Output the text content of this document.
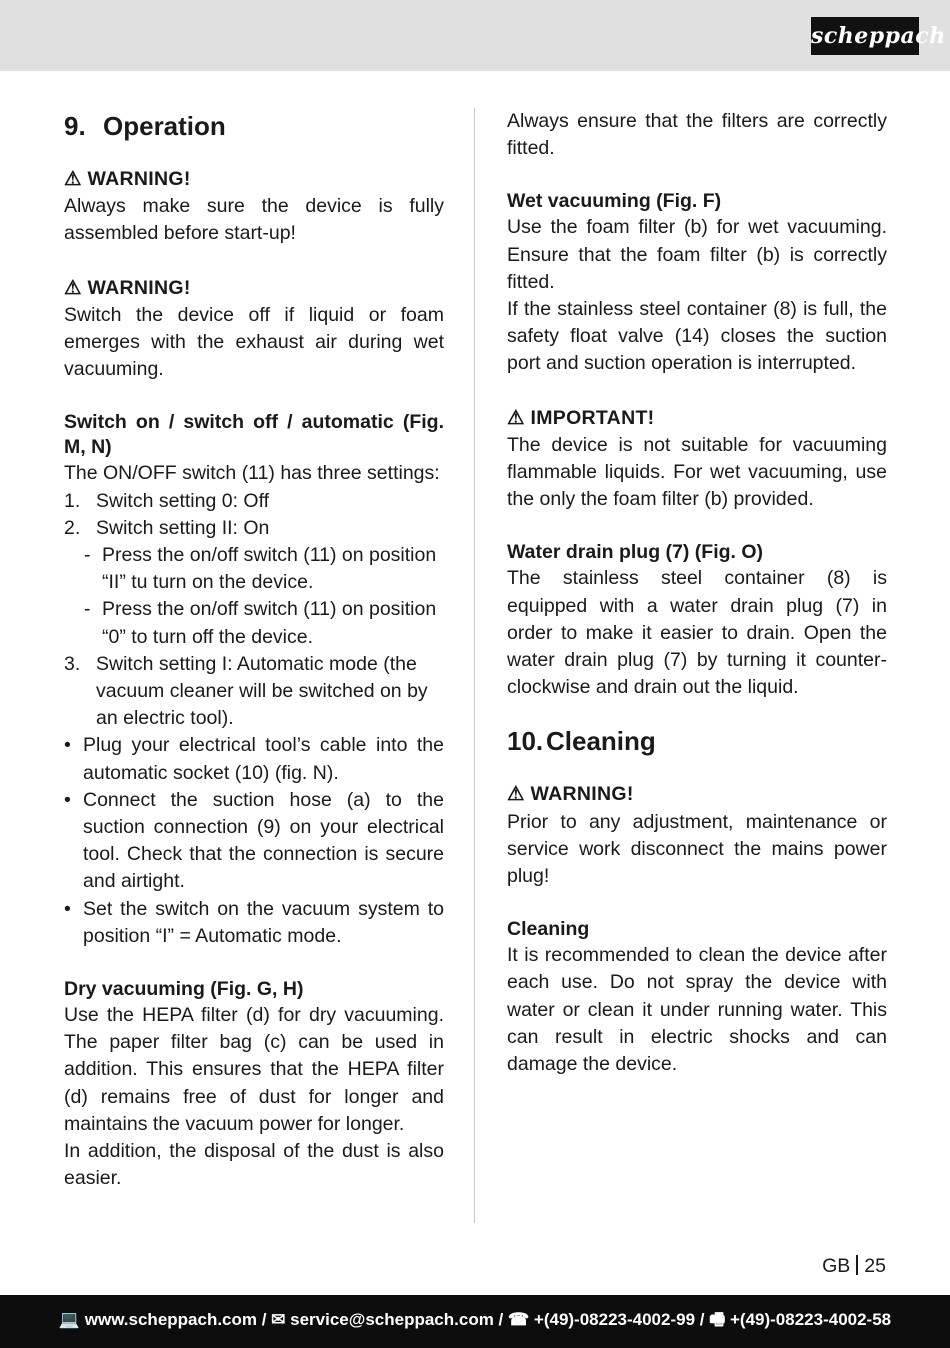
scheppach
9. Operation
⚠ WARNING!

Always make sure the device is fully assembled before start-up!

⚠ WARNING!

Switch the device off if liquid or foam emerges with the exhaust air during wet vacuuming.

Switch on / switch off / automatic (Fig. M, N)

The ON/OFF switch (11) has three settings:

1. Switch setting 0: Off
2. Switch setting II: On
- Press the on/off switch (11) on position “II” tu turn on the device.
- Press the on/off switch (11) on position “0” to turn off the device.
3. Switch setting I: Automatic mode (the vacuum cleaner will be switched on by an electric tool).
• Plug your electrical tool’s cable into the automatic socket (10) (fig. N).
• Connect the suction hose (a) to the suction connection (9) on your electrical tool. Check that the connection is secure and airtight.
• Set the switch on the vacuum system to position “I” = Automatic mode.
Dry vacuuming (Fig. G, H)

Use the HEPA filter (d) for dry vacuuming. The paper filter bag (c) can be used in addition. This ensures that the HEPA filter (d) remains free of dust for longer and maintains the vacuum power for longer.

In addition, the disposal of the dust is also easier.

Always ensure that the filters are correctly fitted.

Wet vacuuming (Fig. F)

Use the foam filter (b) for wet vacuuming. Ensure that the foam filter (b) is correctly fitted.

If the stainless steel container (8) is full, the safety float valve (14) closes the suction port and suction operation is interrupted.

⚠ IMPORTANT!

The device is not suitable for vacuuming flammable liquids. For wet vacuuming, use the only the foam filter (b) provided.

Water drain plug (7) (Fig. O)

The stainless steel container (8) is equipped with a water drain plug (7) in order to make it easier to drain. Open the water drain plug (7) by turning it counter-clockwise and drain out the liquid.

10. Cleaning
⚠ WARNING!

Prior to any adjustment, maintenance or service work disconnect the mains power plug!

Cleaning

It is recommended to clean the device after each use. Do not spray the device with water or clean it under running water. This can result in electric shocks and can damage the device.

GB 25
💻 www.scheppach.com / ✉ service@scheppach.com / ☎ +(49)-08223-4002-99 / 🖷 +(49)-08223-4002-58
